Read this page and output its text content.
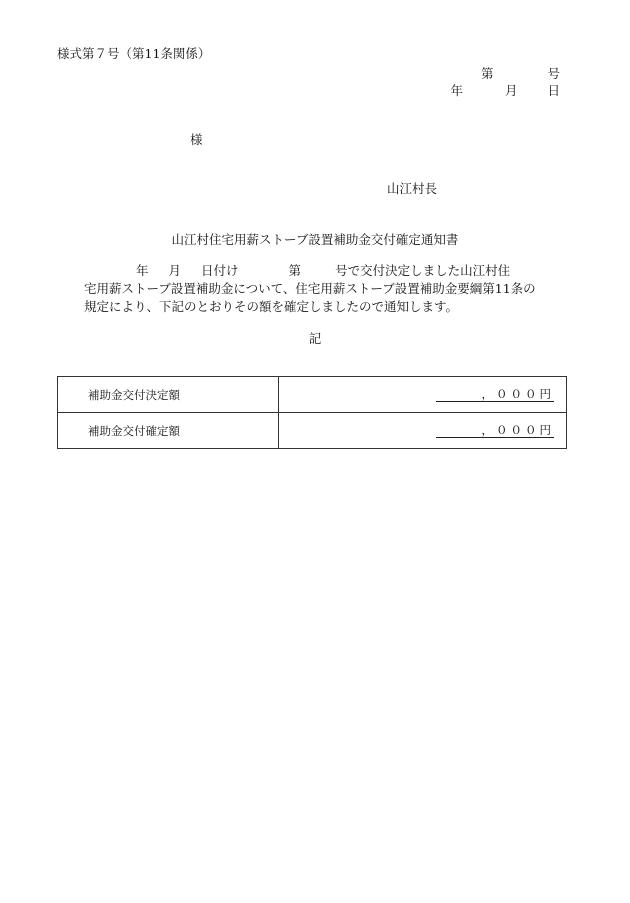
様式第７号（第11条関係）
第	号
年	月 日
様
山江村長
山江村住宅用薪ストーブ設置補助金交付確定通知書
年 月 日付け	第	号で交付決定しました山江村住
宅用薪ストーブ設置補助金について、住宅用薪ストーブ設置補助金要綱第11条の
規定により、下記のとおりその額を確定しましたので通知します。
記
補助金交付決定額	，０００円
補助金交付確定額	，０００円
